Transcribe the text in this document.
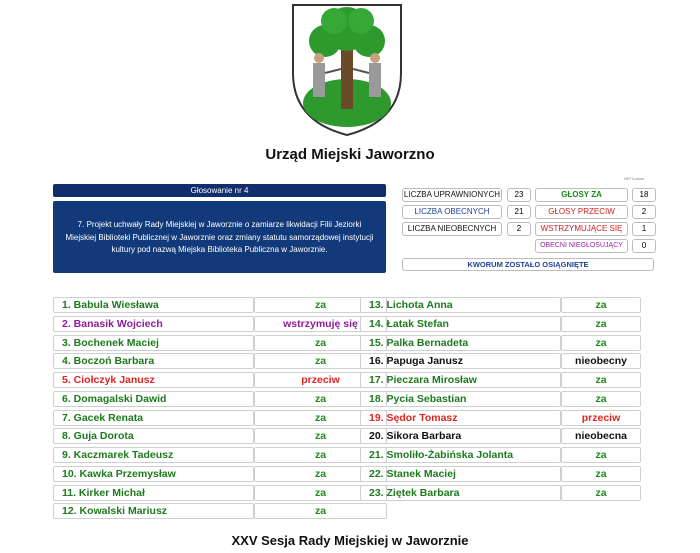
Urząd Miejski Jaworzno
Głosowanie nr 4
7. Projekt uchwały Rady Miejskiej w Jaworznie o zamiarze likwidacji Filii Jeziorki Miejskiej Biblioteki Publicznej w Jaworznie oraz zmiany statutu samorządowej instytucji kultury pod nazwą Miejska Biblioteka Publiczna w Jaworznie.
NET/Latam
LICZBA UPRAWNIONYCH	23
LICZBA OBECNYCH	21
LICZBA NIEOBECNYCH	2
GŁOSY ZA	18
GŁOSY PRZECIW	2
WSTRZYMUJĄCE SIĘ	1
OBECNI NIEGŁOSUJĄCY	0
KWORUM ZOSTAŁO OSIĄGNIĘTE
1. Babula Wiesława	za
2. Banasik Wojciech	wstrzymuję się
3. Bochenek Maciej	za
4. Boczoń Barbara	za
5. Ciołczyk Janusz	przeciw
6. Domagalski Dawid	za
7. Gacek Renata	za
8. Guja Dorota	za
9. Kaczmarek Tadeusz	za
10. Kawka Przemysław	za
11. Kirker Michał	za
12. Kowalski Mariusz	za
13. Lichota Anna	za
14. Łatak Stefan	za
15. Palka Bernadeta	za
16. Papuga Janusz	nieobecny
17. Pieczara Mirosław	za
18. Pycia Sebastian	za
19. Sędor Tomasz	przeciw
20. Sikora Barbara	nieobecna
21. Smoliło-Żabińska Jolanta	za
22. Stanek Maciej	za
23. Ziętek Barbara	za
XXV Sesja Rady Miejskiej w Jaworznie
